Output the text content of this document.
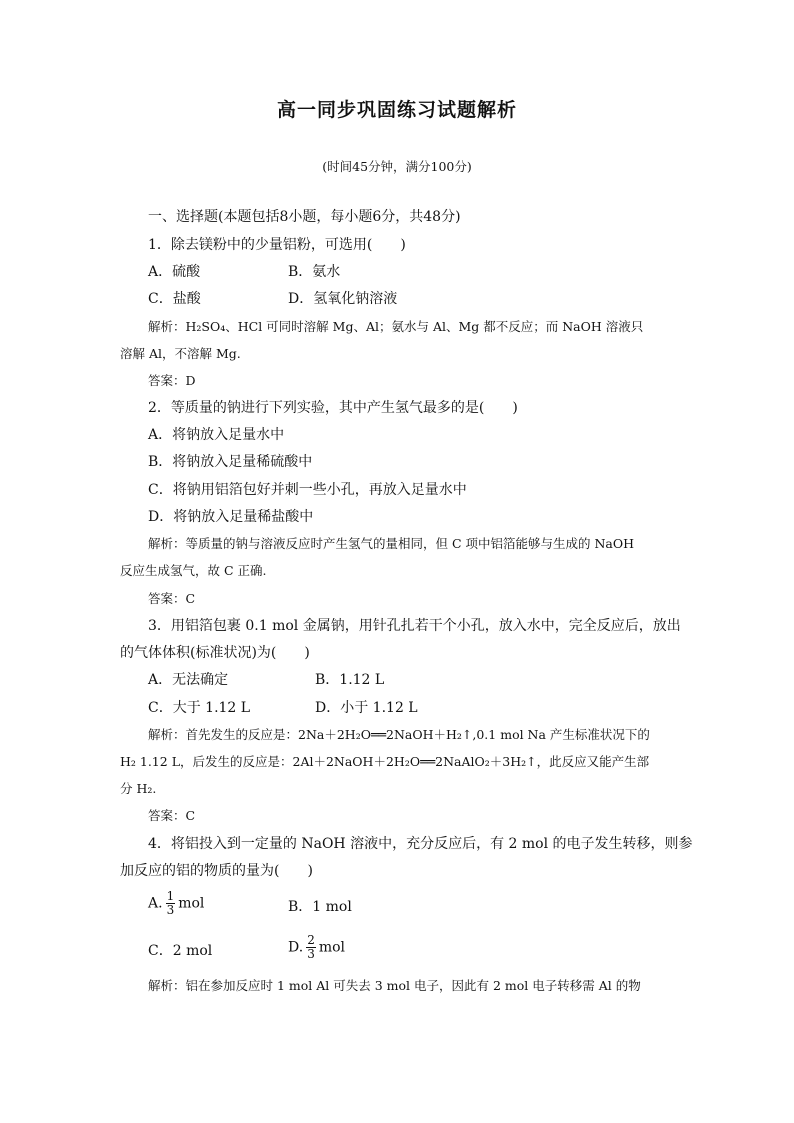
高一同步巩固练习试题解析
(时间45分钟，满分100分)
一、选择题(本题包括8小题，每小题6分，共48分)
1．除去镁粉中的少量铝粉，可选用(　　)
A．硫酸	B．氨水
C．盐酸	D．氢氧化钠溶液
解析：H₂SO₄、HCl 可同时溶解 Mg、Al；氨水与 Al、Mg 都不反应；而 NaOH 溶液只
溶解 Al，不溶解 Mg.
答案：D
2．等质量的钠进行下列实验，其中产生氢气最多的是(　　)
A．将钠放入足量水中
B．将钠放入足量稀硫酸中
C．将钠用铝箔包好并刺一些小孔，再放入足量水中
D．将钠放入足量稀盐酸中
解析：等质量的钠与溶液反应时产生氢气的量相同，但 C 项中铝箔能够与生成的 NaOH
反应生成氢气，故 C 正确.
答案：C
3．用铝箔包裹 0.1 mol 金属钠，用针孔扎若干个小孔，放入水中，完全反应后，放出
的气体体积(标准状况)为(　　)
A．无法确定	B．1.12 L
C．大于 1.12 L	D．小于 1.12 L
解析：首先发生的反应是：2Na＋2H₂O══2NaOH＋H₂↑,0.1 mol Na 产生标准状况下的
H₂ 1.12 L，后发生的反应是：2Al＋2NaOH＋2H₂O══2NaAlO₂＋3H₂↑，此反应又能产生部
分 H₂.
答案：C
4．将铝投入到一定量的 NaOH 溶液中，充分反应后，有 2 mol 的电子发生转移，则参
加反应的铝的物质的量为(　　)
A. $\frac{1}{3}$ mol	B．1 mol
C．2 mol	D. $\frac{2}{3}$ mol
解析：铝在参加反应时 1 mol Al 可失去 3 mol 电子，因此有 2 mol 电子转移需 Al 的物
